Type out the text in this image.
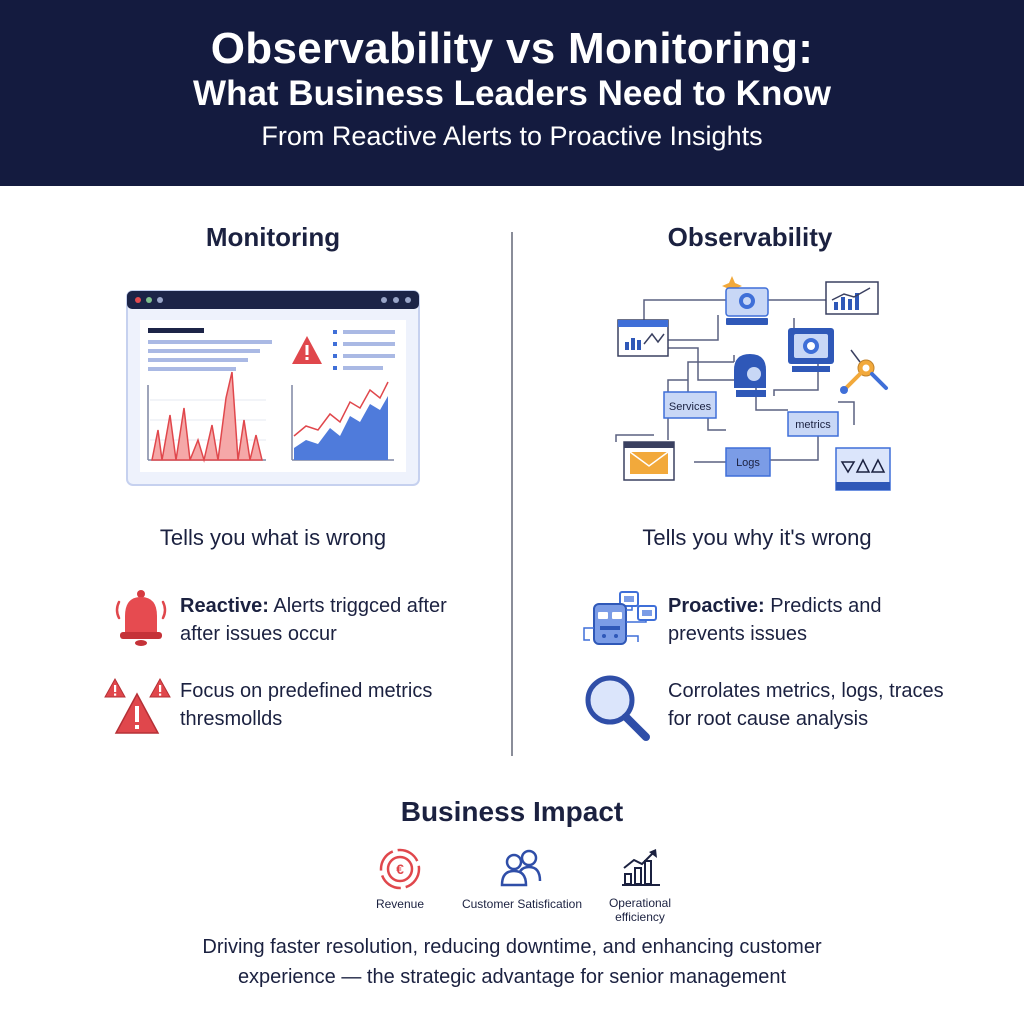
Observability vs Monitoring:
What Business Leaders Need to Know
From Reactive Alerts to Proactive Insights
Monitoring
Tells you what is wrong
Reactive: Alerts triggced after
after issues occur
Focus on predefined metrics
thresmollds
Observability
Services
metrics
Logs
Tells you why it's wrong
Proactive: Predicts and
prevents issues
Corrolates metrics, logs, traces
for root cause analysis
Business Impact
€
Revenue	Customer Satisfication	Operational
efficiency
Driving faster resolution, reducing downtime, and enhancing customer
experience — the strategic advantage for senior management
